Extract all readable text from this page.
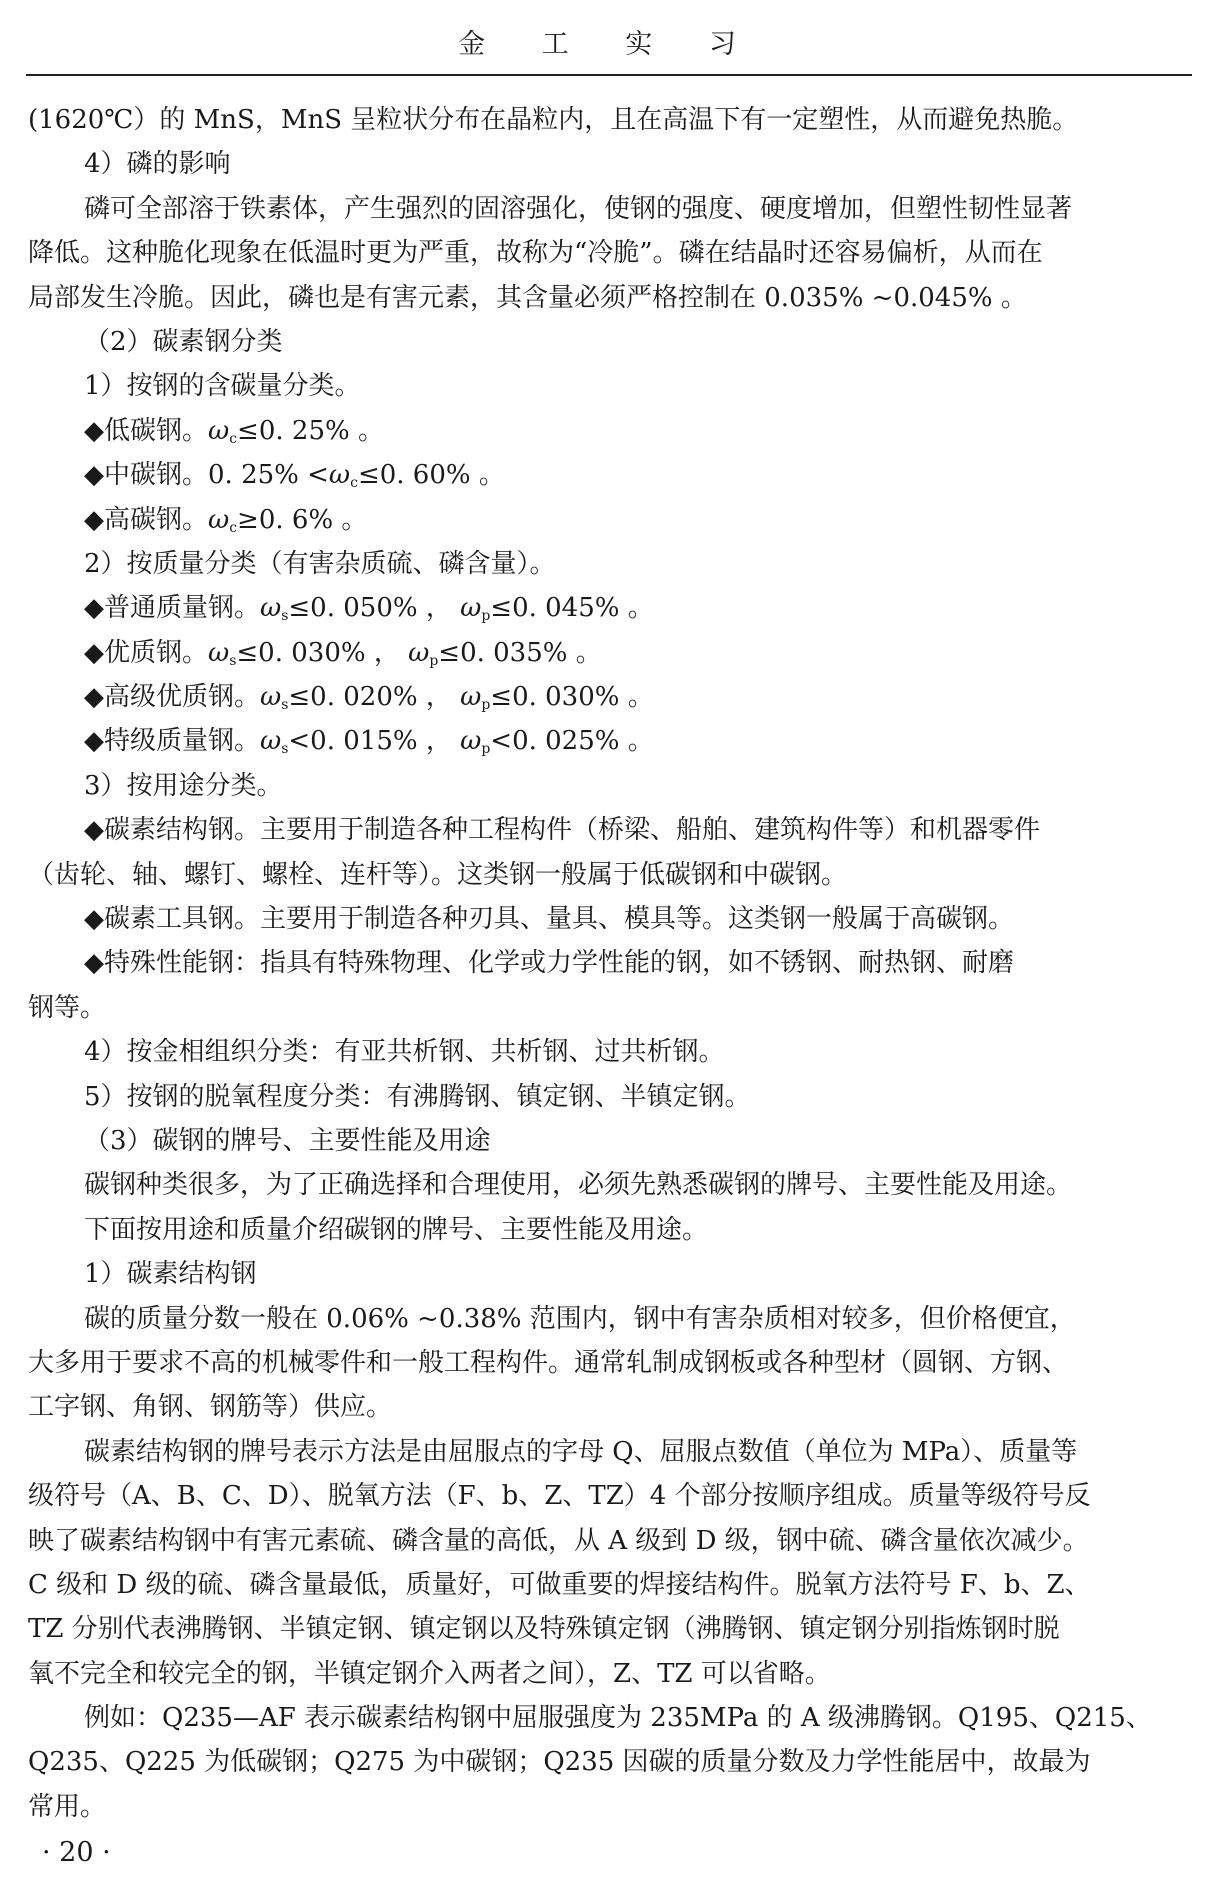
金 工 实 习
(1620℃）的 MnS，MnS 呈粒状分布在晶粒内，且在高温下有一定塑性，从而避免热脆。
4）磷的影响
磷可全部溶于铁素体，产生强烈的固溶强化，使钢的强度、硬度增加，但塑性韧性显著
降低。这种脆化现象在低温时更为严重，故称为“冷脆”。磷在结晶时还容易偏析，从而在
局部发生冷脆。因此，磷也是有害元素，其含量必须严格控制在 0.035% ~0.045% 。
（2）碳素钢分类
1）按钢的含碳量分类。
◆低碳钢。$\omega_c\le 0$. 25% 。
◆中碳钢。0. $25\% <\omega_c\le 0$. 60% 。
◆高碳钢。$\omega_c\ge 0$. 6% 。
2）按质量分类（有害杂质硫、磷含量）。
◆普通质量钢。$\omega_s\le 0$. 050% ， $\omega_p\le 0$. 045% 。
◆优质钢。$\omega_s\le 0$. 030% ， $\omega_p\le 0$. 035% 。
◆高级优质钢。$\omega_s\le 0$. 020% ， $\omega_p\le 0$. 030% 。
◆特级质量钢。$\omega_s<0$. 015% ， $\omega_p<0$. 025% 。
3）按用途分类。
◆碳素结构钢。主要用于制造各种工程构件（桥梁、船舶、建筑构件等）和机器零件
（齿轮、轴、螺钉、螺栓、连杆等）。这类钢一般属于低碳钢和中碳钢。
◆碳素工具钢。主要用于制造各种刃具、量具、模具等。这类钢一般属于高碳钢。
◆特殊性能钢：指具有特殊物理、化学或力学性能的钢，如不锈钢、耐热钢、耐磨
钢等。
4）按金相组织分类：有亚共析钢、共析钢、过共析钢。
5）按钢的脱氧程度分类：有沸腾钢、镇定钢、半镇定钢。
（3）碳钢的牌号、主要性能及用途
碳钢种类很多，为了正确选择和合理使用，必须先熟悉碳钢的牌号、主要性能及用途。
下面按用途和质量介绍碳钢的牌号、主要性能及用途。
1）碳素结构钢
碳的质量分数一般在 0.06% ~0.38% 范围内，钢中有害杂质相对较多，但价格便宜，
大多用于要求不高的机械零件和一般工程构件。通常轧制成钢板或各种型材（圆钢、方钢、
工字钢、角钢、钢筋等）供应。
碳素结构钢的牌号表示方法是由屈服点的字母 Q、屈服点数值（单位为 MPa）、质量等
级符号（A、B、C、D）、脱氧方法（F、b、Z、TZ）4 个部分按顺序组成。质量等级符号反
映了碳素结构钢中有害元素硫、磷含量的高低，从 A 级到 D 级，钢中硫、磷含量依次减少。
C 级和 D 级的硫、磷含量最低，质量好，可做重要的焊接结构件。脱氧方法符号 F、b、Z、
TZ 分别代表沸腾钢、半镇定钢、镇定钢以及特殊镇定钢（沸腾钢、镇定钢分别指炼钢时脱
氧不完全和较完全的钢，半镇定钢介入两者之间），Z、TZ 可以省略。
例如：Q235—AF 表示碳素结构钢中屈服强度为 235MPa 的 A 级沸腾钢。Q195、Q215、
Q235、Q225 为低碳钢；Q275 为中碳钢；Q235 因碳的质量分数及力学性能居中，故最为
常用。
· 20 ·
